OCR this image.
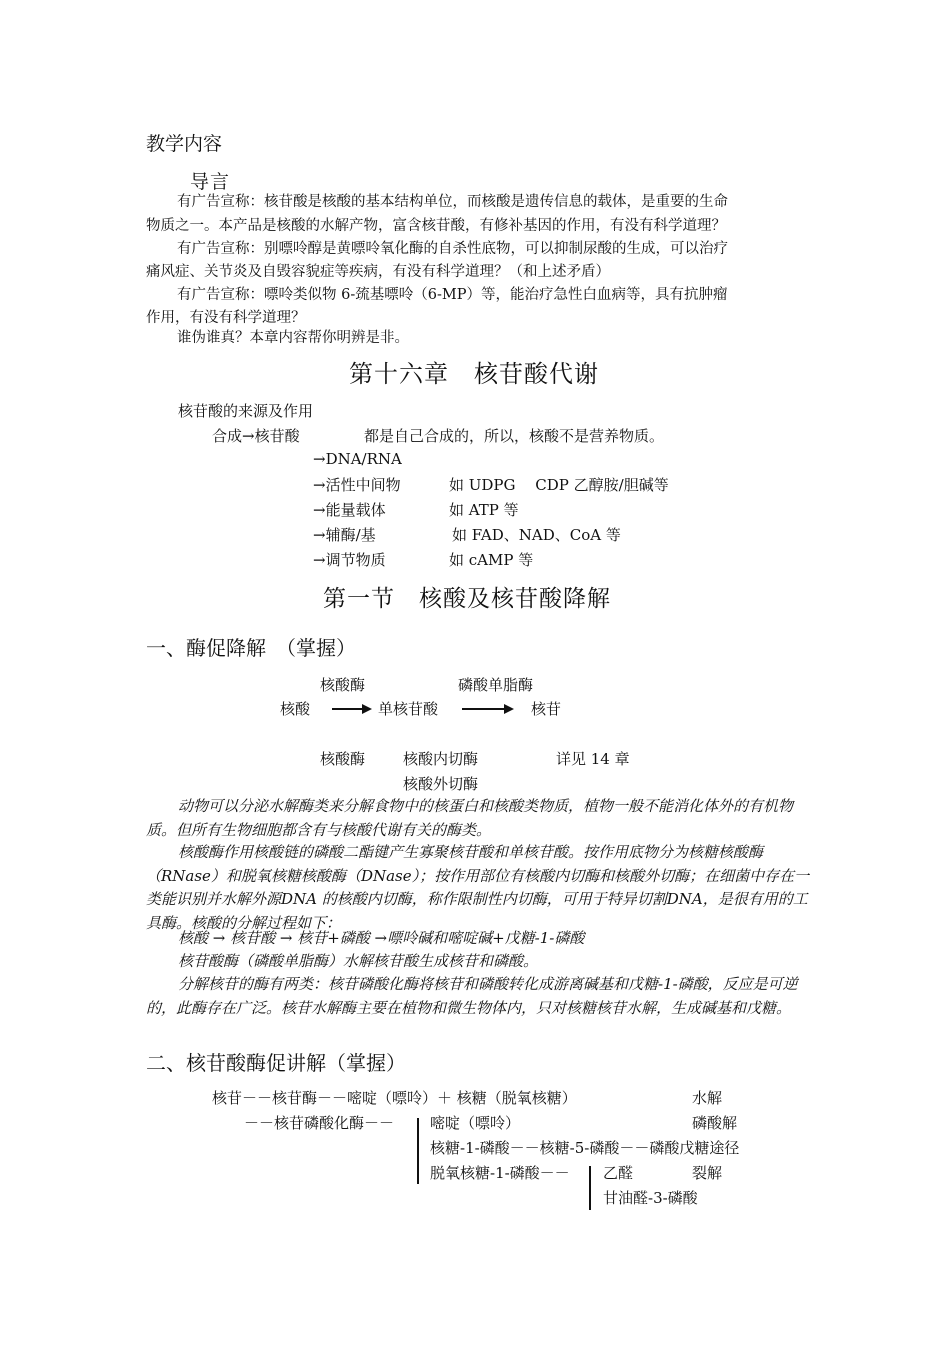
教学内容
导言
有广告宣称：核苷酸是核酸的基本结构单位，而核酸是遗传信息的载体，是重要的生命
物质之一。本产品是核酸的水解产物，富含核苷酸，有修补基因的作用，有没有科学道理？
有广告宣称：别嘌呤醇是黄嘌呤氧化酶的自杀性底物，可以抑制尿酸的生成，可以治疗
痛风症、关节炎及自毁容貌症等疾病，有没有科学道理？（和上述矛盾）
有广告宣称：嘌呤类似物 6-巯基嘌呤（6-MP）等，能治疗急性白血病等，具有抗肿瘤
作用，有没有科学道理？
谁伪谁真？本章内容帮你明辨是非。
第十六章　核苷酸代谢
核苷酸的来源及作用
合成→核苷酸	都是自己合成的，所以，核酸不是营养物质。
→DNA/RNA
→活性中间物	如 UDPG　 CDP 乙醇胺/胆碱等
→能量载体	如 ATP 等
→辅酶/基	如 FAD、NAD、CoA 等
→调节物质	如 cAMP 等
第一节　核酸及核苷酸降解
一、酶促降解　（掌握）
核酸酶	磷酸单脂酶
核酸	单核苷酸	核苷
核酸酶	核酸内切酶	详见 14 章
核酸外切酶
动物可以分泌水解酶类来分解食物中的核蛋白和核酸类物质，植物一般不能消化体外的有机物质。但所有生物细胞都含有与核酸代谢有关的酶类。
核酸酶作用核酸链的磷酸二酯键产生寡聚核苷酸和单核苷酸。按作用底物分为核糖核酸酶（RNase）和脱氧核糖核酸酶（DNase）；按作用部位有核酸内切酶和核酸外切酶；在细菌中存在一类能识别并水解外源DNA 的核酸内切酶，称作限制性内切酶，可用于特异切割DNA，是很有用的工具酶。核酸的分解过程如下：
核酸 → 核苷酸 → 核苷+磷酸 →嘌呤碱和嘧啶碱+戊糖-1-磷酸
核苷酸酶（磷酸单脂酶）水解核苷酸生成核苷和磷酸。
分解核苷的酶有两类：核苷磷酸化酶将核苷和磷酸转化成游离碱基和戊糖-1-磷酸，反应是可逆的，此酶存在广泛。核苷水解酶主要在植物和微生物体内，只对核糖核苷水解，生成碱基和戊糖。
二、核苷酸酶促讲解（掌握）
核苷－－核苷酶－－嘧啶（嘌呤）＋ 核糖（脱氧核糖）	水解
－－核苷磷酸化酶－－ 嘧啶（嘌呤）	磷酸解
核糖-1-磷酸－－核糖-5-磷酸－－磷酸戊糖途径
脱氧核糖-1-磷酸－－ 乙醛	裂解
甘油醛-3-磷酸
